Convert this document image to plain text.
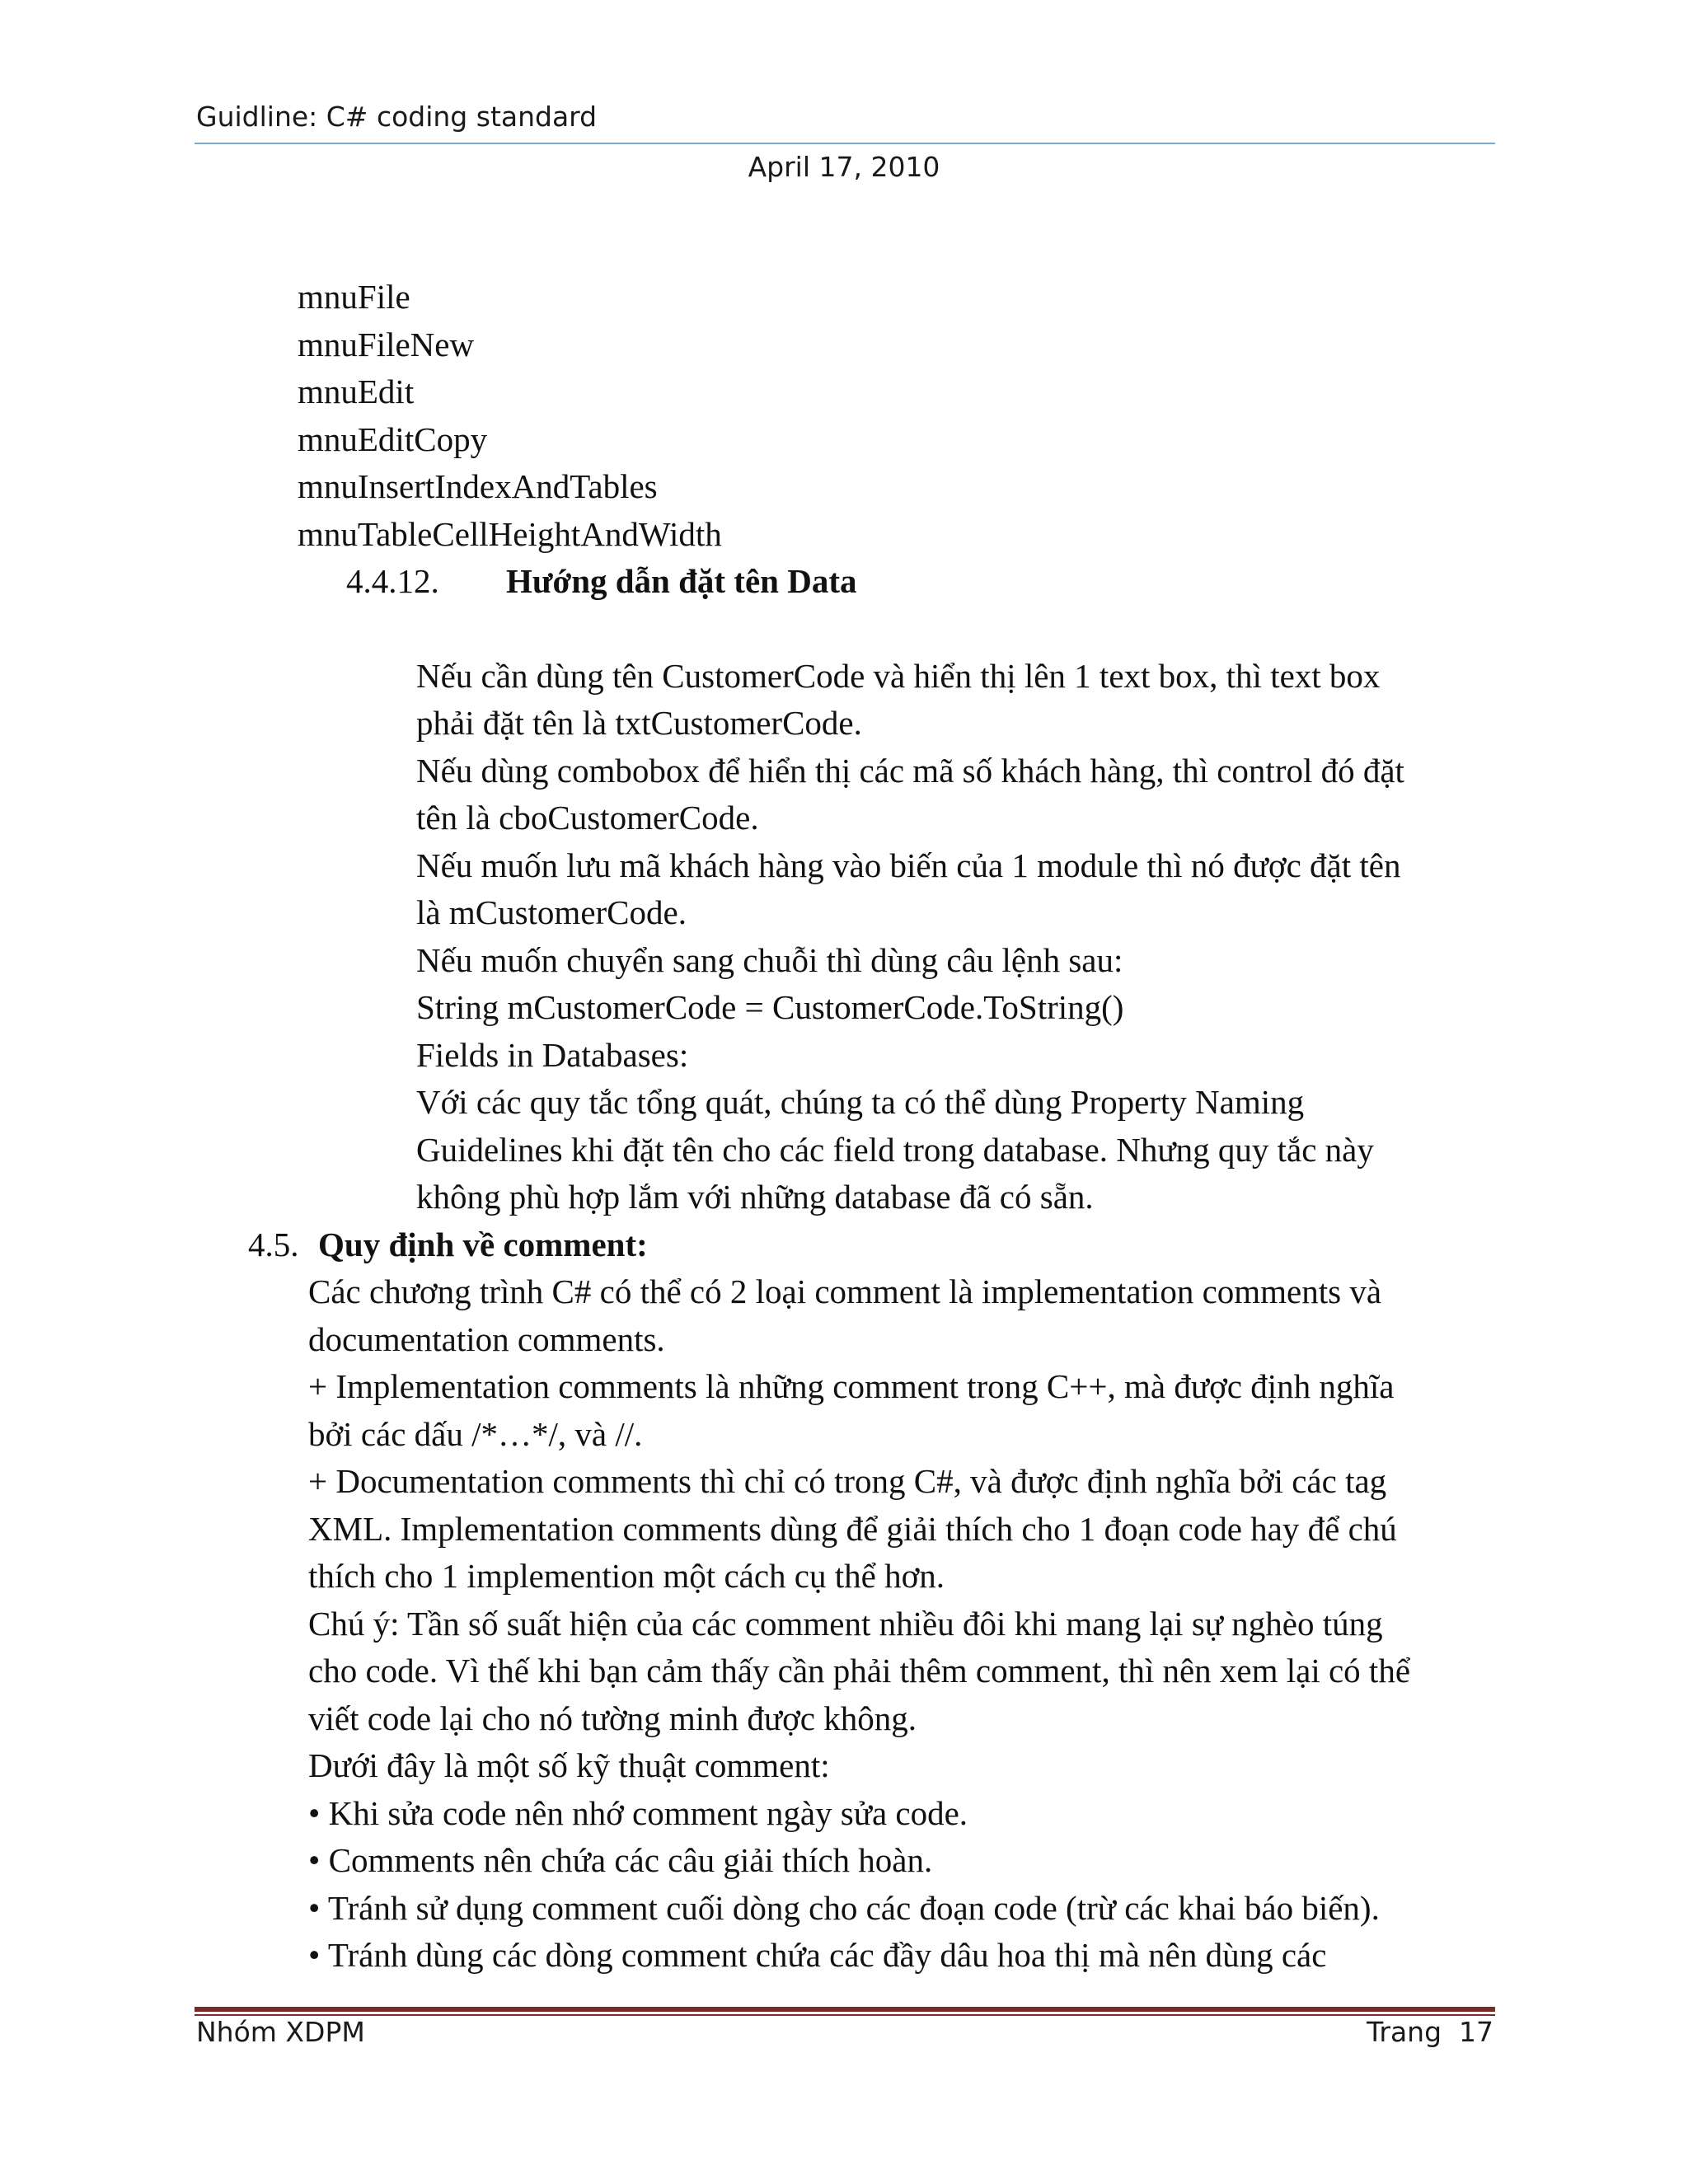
Guidline: C# coding standard
April 17, 2010
mnuFile
mnuFileNew
mnuEdit
mnuEditCopy
mnuInsertIndexAndTables
mnuTableCellHeightAndWidth
4.4.12. Hướng dẫn đặt tên Data
Nếu cần dùng tên CustomerCode và hiển thị lên 1 text box, thì text box
phải đặt tên là txtCustomerCode.
Nếu dùng combobox để hiển thị các mã số khách hàng, thì control đó đặt
tên là cboCustomerCode.
Nếu muốn lưu mã khách hàng vào biến của 1 module thì nó được đặt tên
là mCustomerCode.
Nếu muốn chuyển sang chuỗi thì dùng câu lệnh sau:
String mCustomerCode = CustomerCode.ToString()
Fields in Databases:
Với các quy tắc tổng quát, chúng ta có thể dùng Property Naming
Guidelines khi đặt tên cho các field trong database. Nhưng quy tắc này
không phù hợp lắm với những database đã có sẵn.
4.5. Quy định về comment:
Các chương trình C# có thể có 2 loại comment là implementation comments và
documentation comments.
+ Implementation comments là những comment trong C++, mà được định nghĩa
bởi các dấu /*…*/, và //.
+ Documentation comments thì chỉ có trong C#, và được định nghĩa bởi các tag
XML. Implementation comments dùng để giải thích cho 1 đoạn code hay để chú
thích cho 1 implemention một cách cụ thể hơn.
Chú ý: Tần số suất hiện của các comment nhiều đôi khi mang lại sự nghèo túng
cho code. Vì thế khi bạn cảm thấy cần phải thêm comment, thì nên xem lại có thể
viết code lại cho nó tường minh được không.
Dưới đây là một số kỹ thuật comment:
• Khi sửa code nên nhớ comment ngày sửa code.
• Comments nên chứa các câu giải thích hoàn.
• Tránh sử dụng comment cuối dòng cho các đoạn code (trừ các khai báo biến).
• Tránh dùng các dòng comment chứa các đầy dâu hoa thị mà nên dùng các
Nhóm XDPM	Trang  17
